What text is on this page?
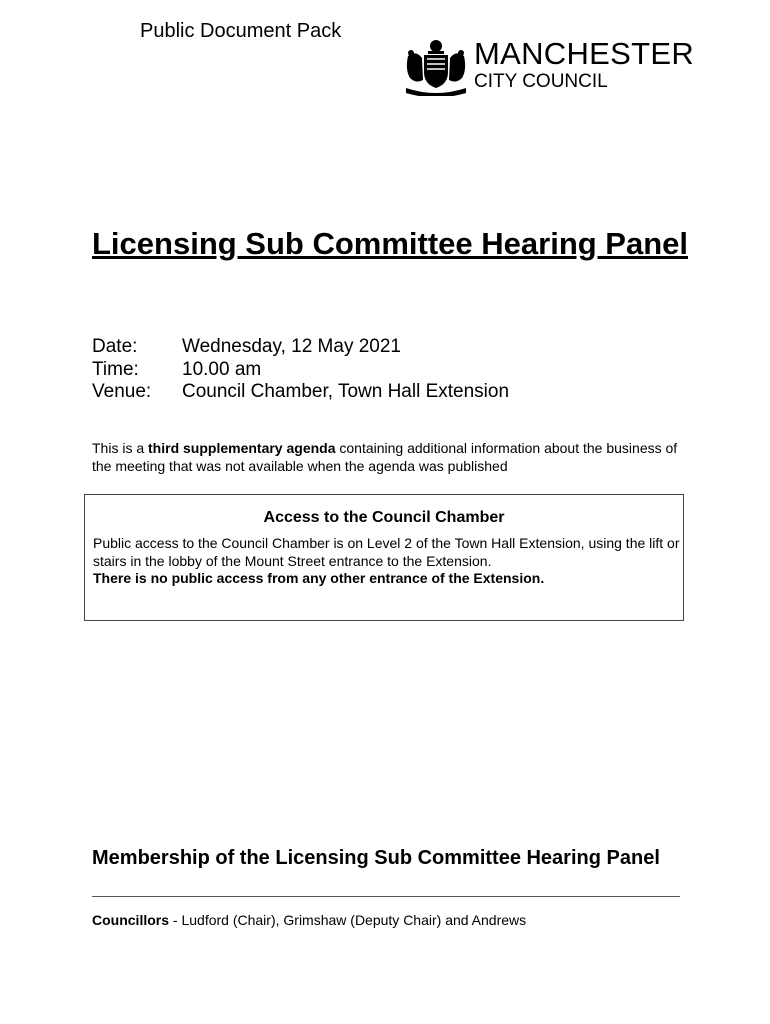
Public Document Pack
MANCHESTER
CITY COUNCIL
Licensing Sub Committee Hearing Panel
Date:	Wednesday, 12 May 2021
Time:	10.00 am
Venue:	Council Chamber, Town Hall Extension
This is a third supplementary agenda containing additional information about the business of the meeting that was not available when the agenda was published
Access to the Council Chamber
Public access to the Council Chamber is on Level 2 of the Town Hall Extension, using the lift or stairs in the lobby of the Mount Street entrance to the Extension.
There is no public access from any other entrance of the Extension.
Membership of the Licensing Sub Committee Hearing Panel
Councillors - Ludford (Chair), Grimshaw (Deputy Chair) and Andrews
